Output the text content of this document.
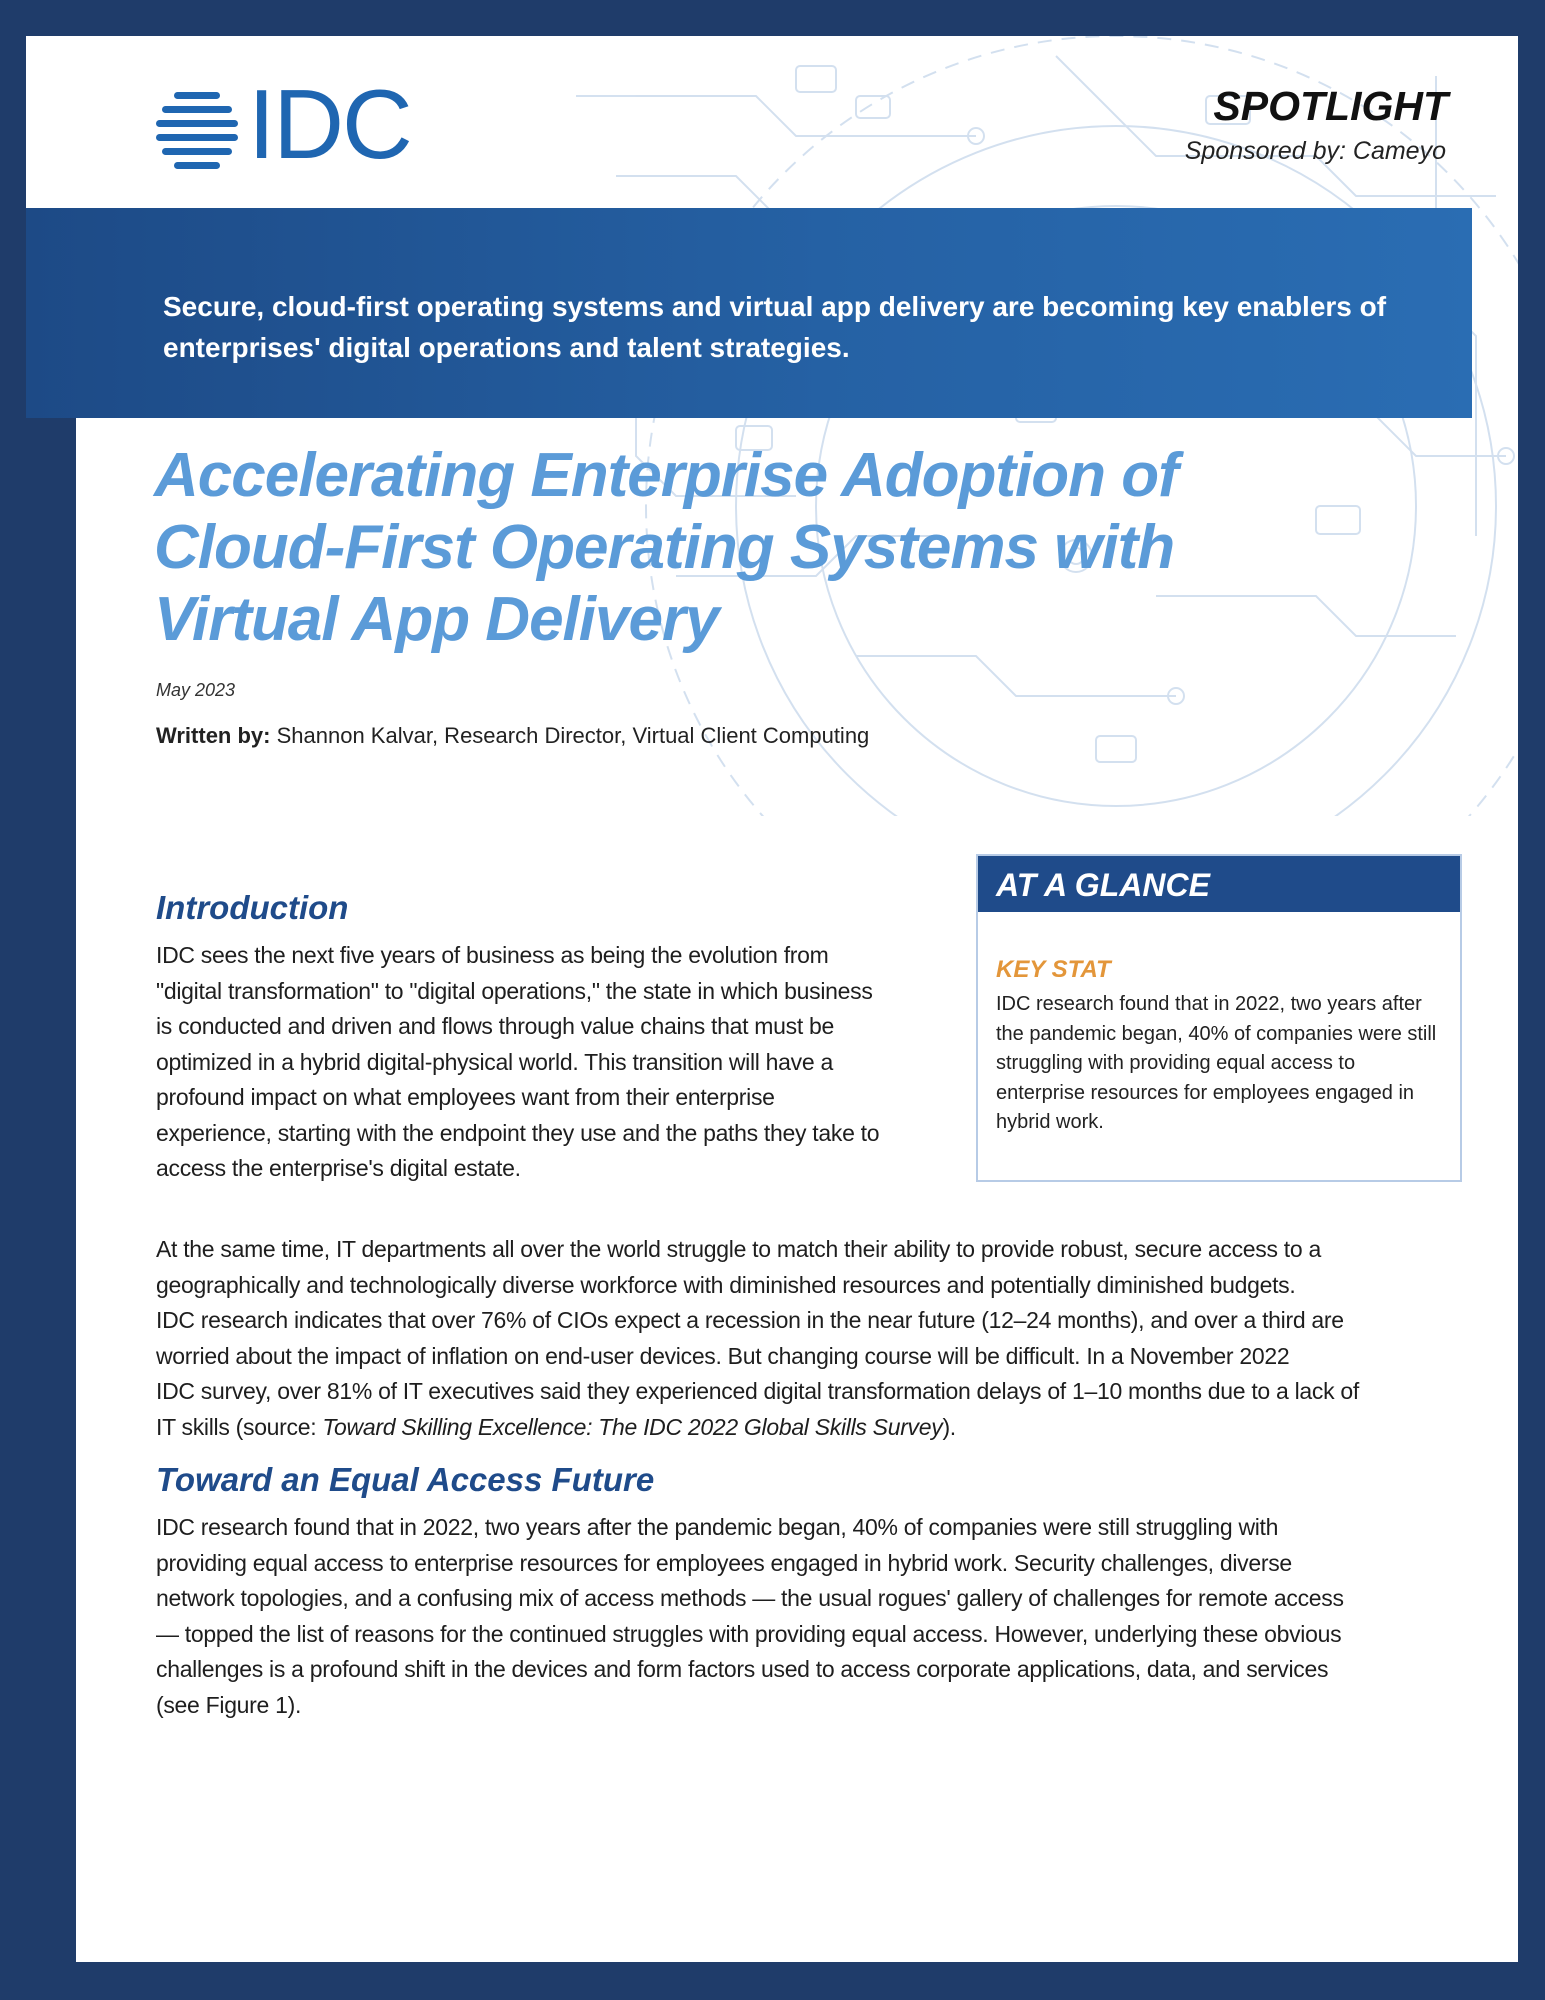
IDC	SPOTLIGHT
Sponsored by: Cameyo
Secure, cloud-first operating systems and virtual app delivery are becoming key enablers of enterprises' digital operations and talent strategies.
Accelerating Enterprise Adoption of
Cloud-First Operating Systems with
Virtual App Delivery
May 2023
Written by: Shannon Kalvar, Research Director, Virtual Client Computing
AT A GLANCE
KEY STAT
IDC research found that in 2022, two years after the pandemic began, 40% of companies were still struggling with providing equal access to enterprise resources for employees engaged in hybrid work.
Introduction
IDC sees the next five years of business as being the evolution from
"digital transformation" to "digital operations," the state in which business
is conducted and driven and flows through value chains that must be
optimized in a hybrid digital-physical world. This transition will have a
profound impact on what employees want from their enterprise
experience, starting with the endpoint they use and the paths they take to
access the enterprise's digital estate.
At the same time, IT departments all over the world struggle to match their ability to provide robust, secure access to a
geographically and technologically diverse workforce with diminished resources and potentially diminished budgets.
IDC research indicates that over 76% of CIOs expect a recession in the near future (12–24 months), and over a third are
worried about the impact of inflation on end-user devices. But changing course will be difficult. In a November 2022
IDC survey, over 81% of IT executives said they experienced digital transformation delays of 1–10 months due to a lack of
IT skills (source: Toward Skilling Excellence: The IDC 2022 Global Skills Survey).
Toward an Equal Access Future
IDC research found that in 2022, two years after the pandemic began, 40% of companies were still struggling with
providing equal access to enterprise resources for employees engaged in hybrid work. Security challenges, diverse
network topologies, and a confusing mix of access methods — the usual rogues' gallery of challenges for remote access
— topped the list of reasons for the continued struggles with providing equal access. However, underlying these obvious
challenges is a profound shift in the devices and form factors used to access corporate applications, data, and services
(see Figure 1).
